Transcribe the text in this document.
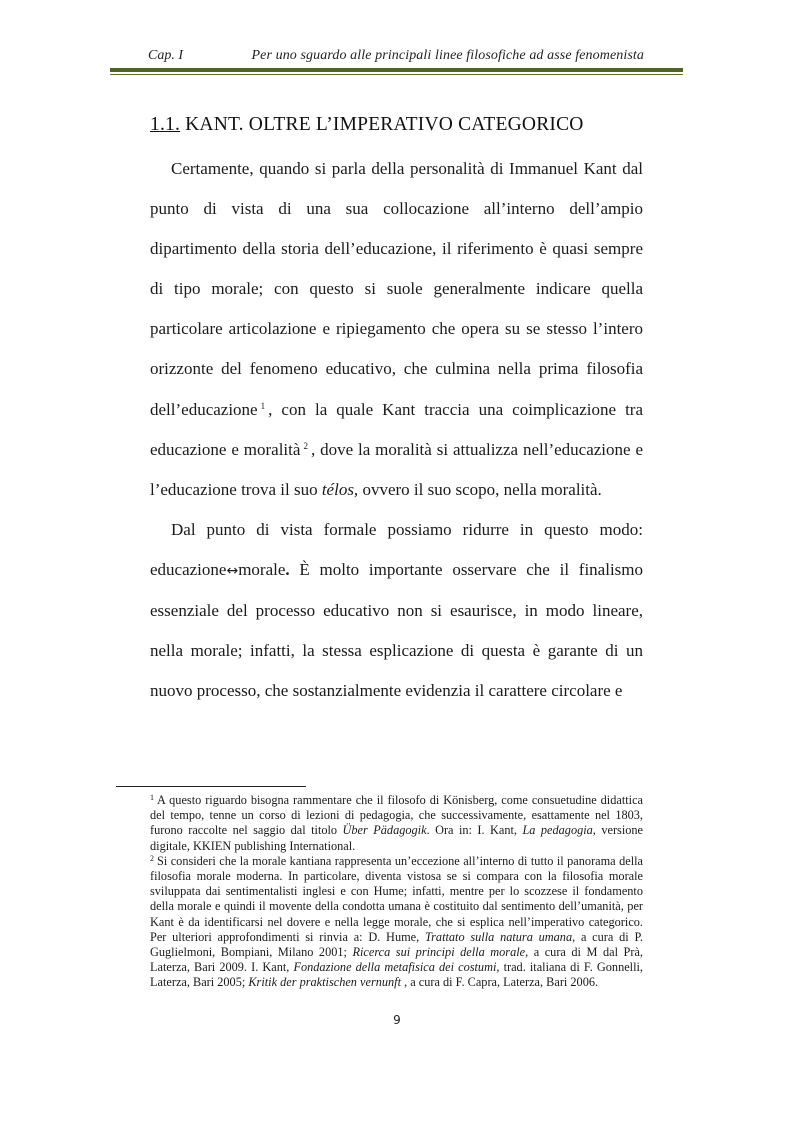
Cap. I	Per uno sguardo alle principali linee filosofiche ad asse fenomenista
1.1. KANT. OLTRE L’IMPERATIVO CATEGORICO

Certamente, quando si parla della personalità di Immanuel Kant dal punto di vista di una sua collocazione all’interno dell’ampio dipartimento della storia dell’educazione, il riferimento è quasi sempre di tipo morale; con questo si suole generalmente indicare quella particolare articolazione e ripiegamento che opera su se stesso l’intero orizzonte del fenomeno educativo, che culmina nella prima filosofia dell’educazione $^1$ , con la quale Kant traccia una coimplicazione tra educazione e moralità $^2$ , dove la moralità si attualizza nell’educazione e l’educazione trova il suo télos, ovvero il suo scopo, nella moralità.

Dal punto di vista formale possiamo ridurre in questo modo: educazione↔morale. È molto importante osservare che il finalismo essenziale del processo educativo non si esaurisce, in modo lineare, nella morale; infatti, la stessa esplicazione di questa è garante di un nuovo processo, che sostanzialmente evidenzia il carattere circolare e

$^1$ A questo riguardo bisogna rammentare che il filosofo di Könisberg, come consuetudine didattica del tempo, tenne un corso di lezioni di pedagogia, che successivamente, esattamente nel 1803, furono raccolte nel saggio dal titolo Über Pädagogik. Ora in: I. Kant, La pedagogia, versione digitale, KKIEN publishing International.

$^2$ Si consideri che la morale kantiana rappresenta un’eccezione all’interno di tutto il panorama della filosofia morale moderna. In particolare, diventa vistosa se si compara con la filosofia morale sviluppata dai sentimentalisti inglesi e con Hume; infatti, mentre per lo scozzese il fondamento della morale e quindi il movente della condotta umana è costituito dal sentimento dell’umanità, per Kant è da identificarsi nel dovere e nella legge morale, che si esplica nell’imperativo categorico. Per ulteriori approfondimenti si rinvia a: D. Hume, Trattato sulla natura umana, a cura di P. Guglielmoni, Bompiani, Milano 2001; Ricerca sui principi della morale, a cura di M dal Prà, Laterza, Bari 2009. I. Kant, Fondazione della metafisica dei costumi, trad. italiana di F. Gonnelli, Laterza, Bari 2005; Kritik der praktischen vernunft , a cura di F. Capra, Laterza, Bari 2006.

9
